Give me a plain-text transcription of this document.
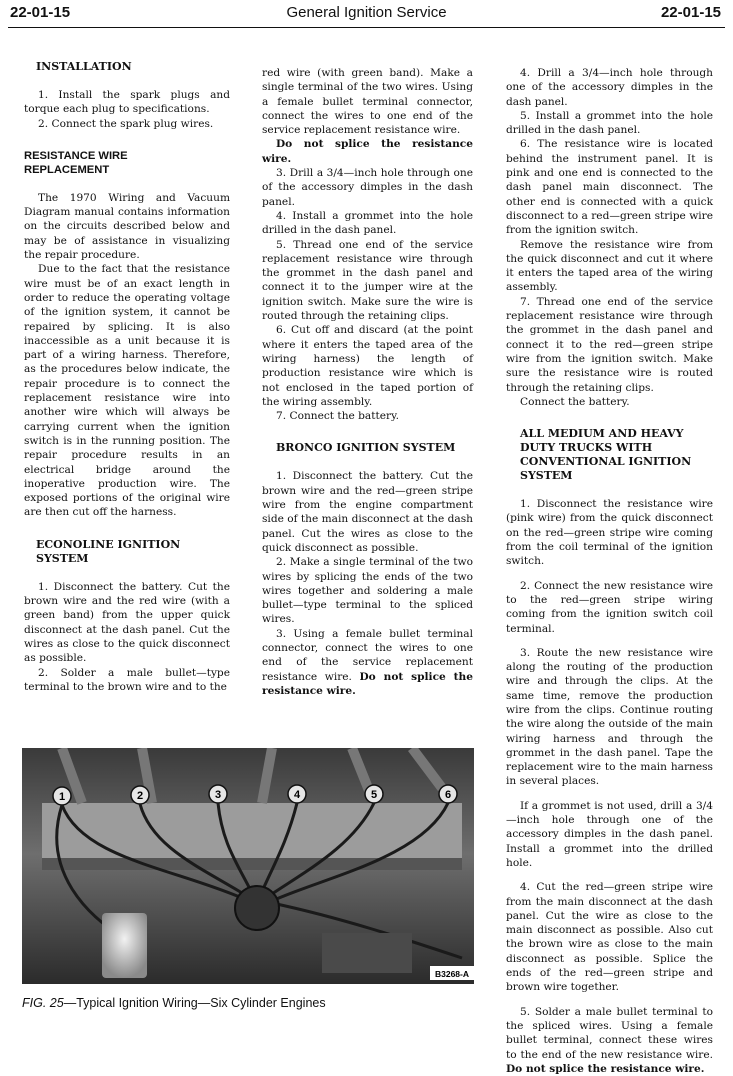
22-01-15	General Ignition Service	22-01-15
INSTALLATION

1. Install the spark plugs and torque each plug to specifications.

2. Connect the spark plug wires.

RESISTANCE WIRE REPLACEMENT

The 1970 Wiring and Vacuum Diagram manual contains information on the circuits described below and may be of assistance in visualizing the repair procedure.

Due to the fact that the resistance wire must be of an exact length in order to reduce the operating voltage of the ignition system, it cannot be repaired by splicing. It is also inaccessible as a unit because it is part of a wiring harness. Therefore, as the procedures below indicate, the repair procedure is to connect the replacement resistance wire into another wire which will always be carrying current when the ignition switch is in the running position. The repair procedure results in an electrical bridge around the inoperative production wire. The exposed portions of the original wire are then cut off the harness.

ECONOLINE IGNITION SYSTEM

1. Disconnect the battery. Cut the brown wire and the red wire (with a green band) from the upper quick disconnect at the dash panel. Cut the wires as close to the quick disconnect as possible.

2. Solder a male bullet—type terminal to the brown wire and to the

red wire (with green band). Make a single terminal of the two wires. Using a female bullet terminal connector, connect the wires to one end of the service replacement resistance wire.

Do not splice the resistance wire.

3. Drill a 3/4—inch hole through one of the accessory dimples in the dash panel.

4. Install a grommet into the hole drilled in the dash panel.

5. Thread one end of the service replacement resistance wire through the grommet in the dash panel and connect it to the jumper wire at the ignition switch. Make sure the wire is routed through the retaining clips.

6. Cut off and discard (at the point where it enters the taped area of the wiring harness) the length of production resistance wire which is not enclosed in the taped portion of the wiring assembly.

7. Connect the battery.

BRONCO IGNITION SYSTEM

1. Disconnect the battery. Cut the brown wire and the red—green stripe wire from the engine compartment side of the main disconnect at the dash panel. Cut the wires as close to the quick disconnect as possible.

2. Make a single terminal of the two wires by splicing the ends of the two wires together and soldering a male bullet—type terminal to the spliced wires.

3. Using a female bullet terminal connector, connect the wires to one end of the service replacement resistance wire. Do not splice the resistance wire.

4. Drill a 3/4—inch hole through one of the accessory dimples in the dash panel.

5. Install a grommet into the hole drilled in the dash panel.

6. The resistance wire is located behind the instrument panel. It is pink and one end is connected to the dash panel main disconnect. The other end is connected with a quick disconnect to a red—green stripe wire from the ignition switch.

Remove the resistance wire from the quick disconnect and cut it where it enters the taped area of the wiring assembly.

7. Thread one end of the service replacement resistance wire through the grommet in the dash panel and connect it to the red—green stripe wire from the ignition switch. Make sure the resistance wire is routed through the retaining clips.

Connect the battery.

ALL MEDIUM AND HEAVY DUTY TRUCKS WITH CONVENTIONAL IGNITION SYSTEM

1. Disconnect the resistance wire (pink wire) from the quick disconnect on the red—green stripe wire coming from the coil terminal of the ignition switch.

2. Connect the new resistance wire to the red—green stripe wiring coming from the ignition switch coil terminal.

3. Route the new resistance wire along the routing of the production wire and through the clips. At the same time, remove the production wire from the clips. Continue routing the wire along the outside of the main wiring harness and through the grommet in the dash panel. Tape the replacement wire to the main harness in several places.

If a grommet is not used, drill a 3/4—inch hole through one of the accessory dimples in the dash panel. Install a grommet into the drilled hole.

4. Cut the red—green stripe wire from the main disconnect at the dash panel. Cut the wire as close to the main disconnect as possible. Also cut the brown wire as close to the main disconnect as possible. Splice the ends of the red—green stripe and brown wire together.

5. Solder a male bullet terminal to the spliced wires. Using a female bullet terminal, connect these wires to the end of the new resistance wire. Do not splice the resistance wire.

1	2	3	4	5	6
B3268-A
FIG. 25—Typical Ignition Wiring—Six Cylinder Engines
